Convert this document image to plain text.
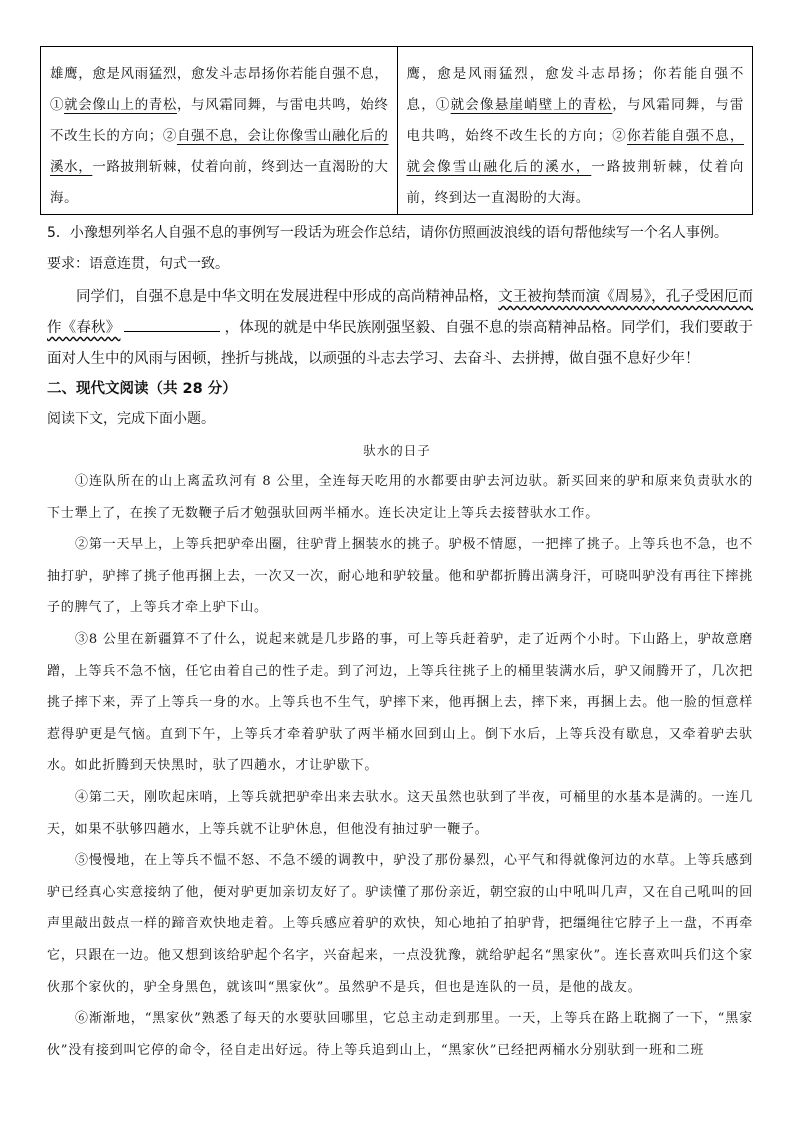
雄鹰，愈是风雨猛烈，愈发斗志昂扬你若能自强不息，①就会像山上的青松，与风霜同舞，与雷电共鸣，始终不改生长的方向；②自强不息，会让你像雪山融化后的溪水，一路披荆斩棘，仗着向前，终到达一直渴盼的大海。
鹰，愈是风雨猛烈，愈发斗志昂扬；你若能自强不息，①就会像悬崖峭壁上的青松，与风霜同舞，与雷电共鸣，始终不改生长的方向；②你若能自强不息，就会像雪山融化后的溪水，一路披荆斩棘，仗着向前，终到达一直渴盼的大海。
5．小豫想列举名人自强不息的事例写一段话为班会作总结，请你仿照画波浪线的语句帮他续写一个名人事例。
要求：语意连贯，句式一致。
同学们，自强不息是中华文明在发展进程中形成的高尚精神品格，文王被拘禁而演《周易》，孔子受困厄而作《春秋》	，体现的就是中华民族刚强坚毅、自强不息的崇高精神品格。同学们，我们要敢于面对人生中的风雨与困顿，挫折与挑战，以顽强的斗志去学习、去奋斗、去拼搏，做自强不息好少年！
二、现代文阅读（共 28 分）
阅读下文，完成下面小题。
驮水的日子

①连队所在的山上离孟玖河有 8 公里，全连每天吃用的水都要由驴去河边驮。新买回来的驴和原来负责驮水的下士犟上了，在挨了无数鞭子后才勉强驮回两半桶水。连长决定让上等兵去接替驮水工作。

②第一天早上，上等兵把驴牵出圈，往驴背上捆装水的挑子。驴极不情愿，一把摔了挑子。上等兵也不急，也不抽打驴，驴摔了挑子他再捆上去，一次又一次，耐心地和驴较量。他和驴都折腾出满身汗，可晓叫驴没有再往下摔挑子的脾气了，上等兵才牵上驴下山。

③8 公里在新疆算不了什么，说起来就是几步路的事，可上等兵赶着驴，走了近两个小时。下山路上，驴故意磨蹭，上等兵不急不恼，任它由着自己的性子走。到了河边，上等兵往挑子上的桶里装满水后，驴又闹腾开了，几次把挑子摔下来，弄了上等兵一身的水。上等兵也不生气，驴摔下来，他再捆上去，摔下来，再捆上去。他一脸的恒意样惹得驴更是气恼。直到下午，上等兵才牵着驴驮了两半桶水回到山上。倒下水后，上等兵没有歇息，又牵着驴去驮水。如此折腾到天快黑时，驮了四趟水，才让驴歇下。

④第二天，刚吹起床哨，上等兵就把驴牵出来去驮水。这天虽然也驮到了半夜，可桶里的水基本是满的。一连几天，如果不驮够四趟水，上等兵就不让驴休息，但他没有抽过驴一鞭子。

⑤慢慢地，在上等兵不愠不怒、不急不缓的调教中，驴没了那份暴烈，心平气和得就像河边的水草。上等兵感到驴已经真心实意接纳了他，便对驴更加亲切友好了。驴读懂了那份亲近，朝空寂的山中吼叫几声，又在自己吼叫的回声里敲出鼓点一样的蹄音欢快地走着。上等兵感应着驴的欢快，知心地拍了拍驴背，把缰绳往它脖子上一盘，不再牵它，只跟在一边。他又想到该给驴起个名字，兴奋起来，一点没犹豫，就给驴起名“黑家伙”。连长喜欢叫兵们这个家伙那个家伙的，驴全身黑色，就该叫“黑家伙”。虽然驴不是兵，但也是连队的一员，是他的战友。

⑥渐渐地，“黑家伙”熟悉了每天的水要驮回哪里，它总主动走到那里。一天，上等兵在路上耽搁了一下，“黑家伙”没有接到叫它停的命令，径自走出好远。待上等兵追到山上，“黑家伙”已经把两桶水分别驮到一班和二班
